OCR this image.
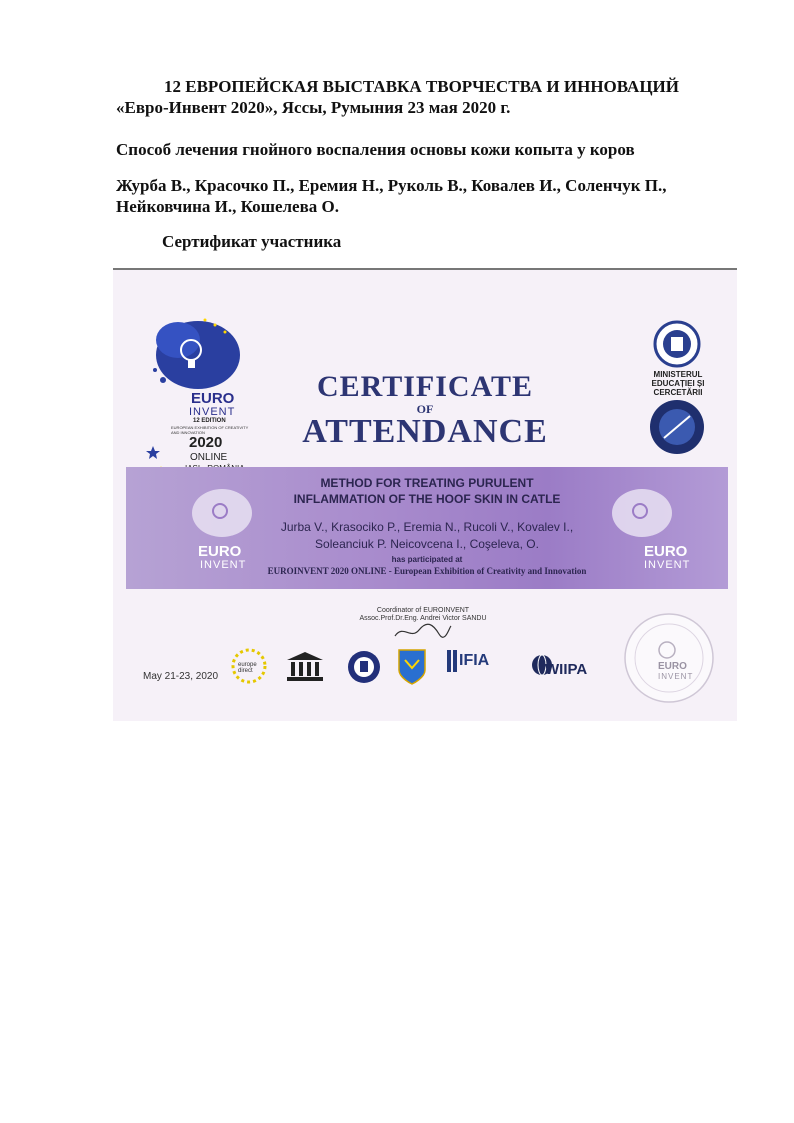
12 ЕВРОПЕЙСКАЯ ВЫСТАВКА ТВОРЧЕСТВА И ИННОВАЦИЙ
«Евро-Инвент 2020», Яссы, Румыния 23 мая 2020 г.
Способ лечения гнойного воспаления основы кожи копыта у коров
Журба В., Красочко П., Еремия Н., Руколь В., Ковалев И., Соленчук П.,
Нейковчина И., Кошелева О.
Сертификат участника
EURO
INVENT
12 EDITION
EUROPEAN EXHIBITION OF CREATIVITY AND INNOVATION
2020
ONLINE
CERTIFICATE
OF
ATTENDANCE
MINISTERUL
EDUCAȚIEI ȘI
CERCETĂRII
EURO
INVENT
EURO
INVENT
METHOD FOR TREATING PURULENT
INFLAMMATION OF THE HOOF SKIN IN CATLE
Jurba V., Krasociko P., Eremia N., Rucoli V., Kovalev I.,
Soleanciuk P. Neicovcena I., Coşeleva, O.
has participated at
EUROINVENT 2020 ONLINE - European Exhibition of Creativity and Innovation
Coordinator of EUROINVENT
Assoc.Prof.Dr.Eng. Andrei Victor SANDU
May 21-23, 2020
europe direct
IFIA
WIIPA	EURO
INVENT
